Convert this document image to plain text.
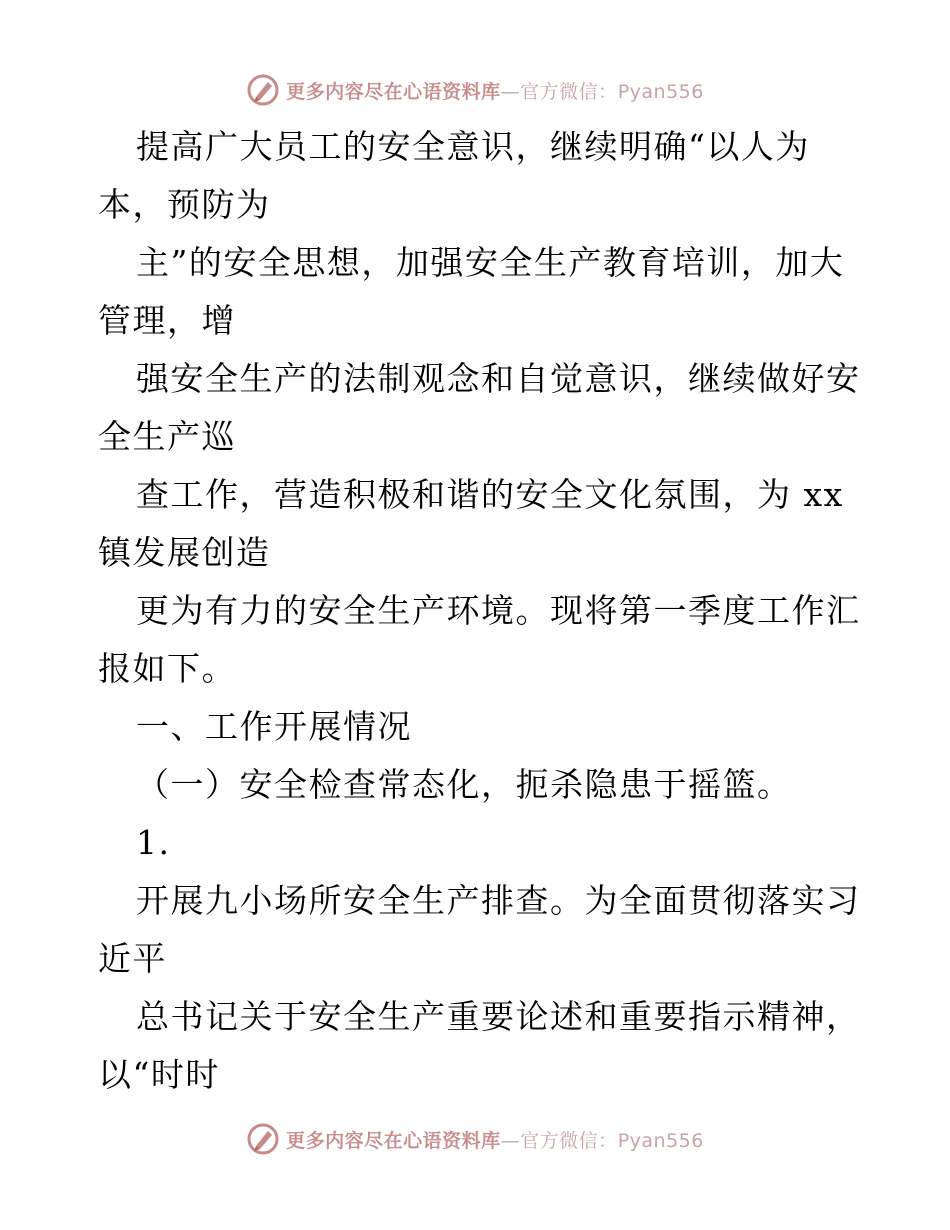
更多内容尽在心语资料库—官方微信：Pyan556
提高广大员工的安全意识，继续明确“以人为
本，预防为
主”的安全思想，加强安全生产教育培训，加大
管理，增
强安全生产的法制观念和自觉意识，继续做好安
全生产巡
查工作，营造积极和谐的安全文化氛围，为 xx
镇发展创造
更为有力的安全生产环境。现将第一季度工作汇
报如下。
一、工作开展情况
（一）安全检查常态化，扼杀隐患于摇篮。
1.
开展九小场所安全生产排查。为全面贯彻落实习
近平
总书记关于安全生产重要论述和重要指示精神，
以“时时
更多内容尽在心语资料库—官方微信：Pyan556
